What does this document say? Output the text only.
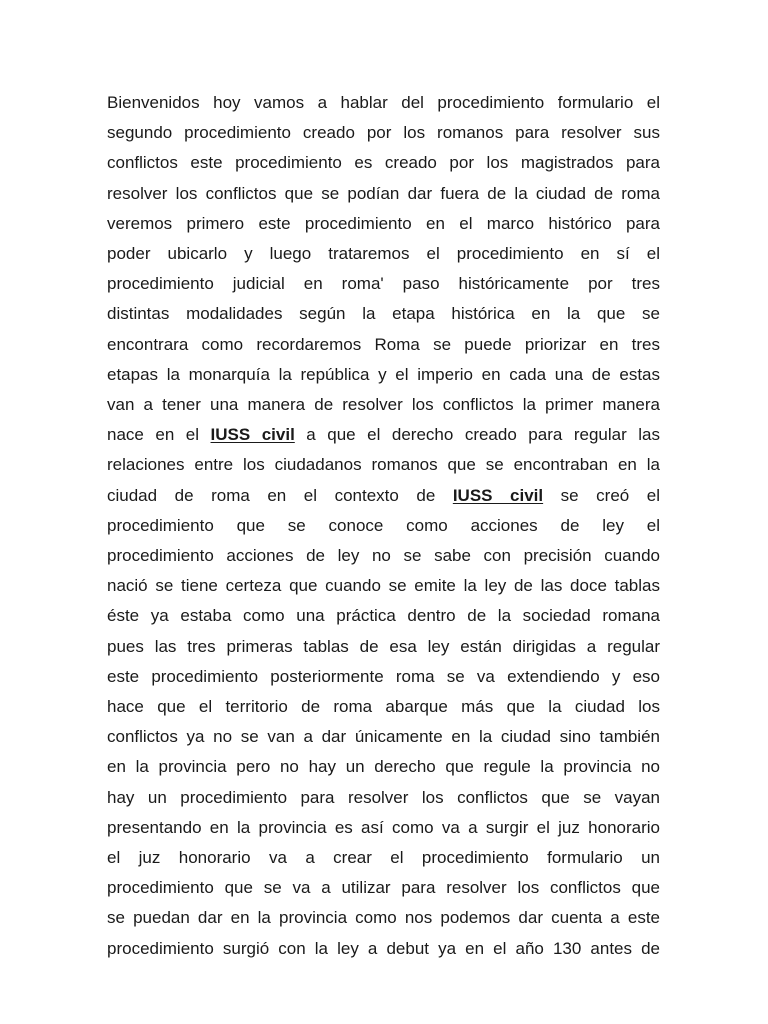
Bienvenidos hoy vamos a hablar del procedimiento formulario el
segundo procedimiento creado por los romanos para resolver sus
conflictos este procedimiento es creado por los magistrados para
resolver los conflictos que se podían dar fuera de la ciudad de roma
veremos primero este procedimiento en el marco histórico para
poder ubicarlo y luego trataremos el procedimiento en sí el
procedimiento judicial en roma' paso históricamente por tres
distintas modalidades según la etapa histórica en la que se
encontrara como recordaremos Roma se puede priorizar en tres
etapas la monarquía la república y el imperio en cada una de estas
van a tener una manera de resolver los conflictos la primer manera
nace en el IUSS civil a que el derecho creado para regular las
relaciones entre los ciudadanos romanos que se encontraban en la
ciudad de roma en el contexto de IUSS civil se creó el
procedimiento que se conoce como acciones de ley el
procedimiento acciones de ley no se sabe con precisión cuando
nació se tiene certeza que cuando se emite la ley de las doce tablas
éste ya estaba como una práctica dentro de la sociedad romana
pues las tres primeras tablas de esa ley están dirigidas a regular
este procedimiento posteriormente roma se va extendiendo y eso
hace que el territorio de roma abarque más que la ciudad los
conflictos ya no se van a dar únicamente en la ciudad sino también
en la provincia pero no hay un derecho que regule la provincia no
hay un procedimiento para resolver los conflictos que se vayan
presentando en la provincia es así como va a surgir el juz honorario
el juz honorario va a crear el procedimiento formulario un
procedimiento que se va a utilizar para resolver los conflictos que
se puedan dar en la provincia como nos podemos dar cuenta a este
procedimiento surgió con la ley a debut ya en el año 130 antes de
